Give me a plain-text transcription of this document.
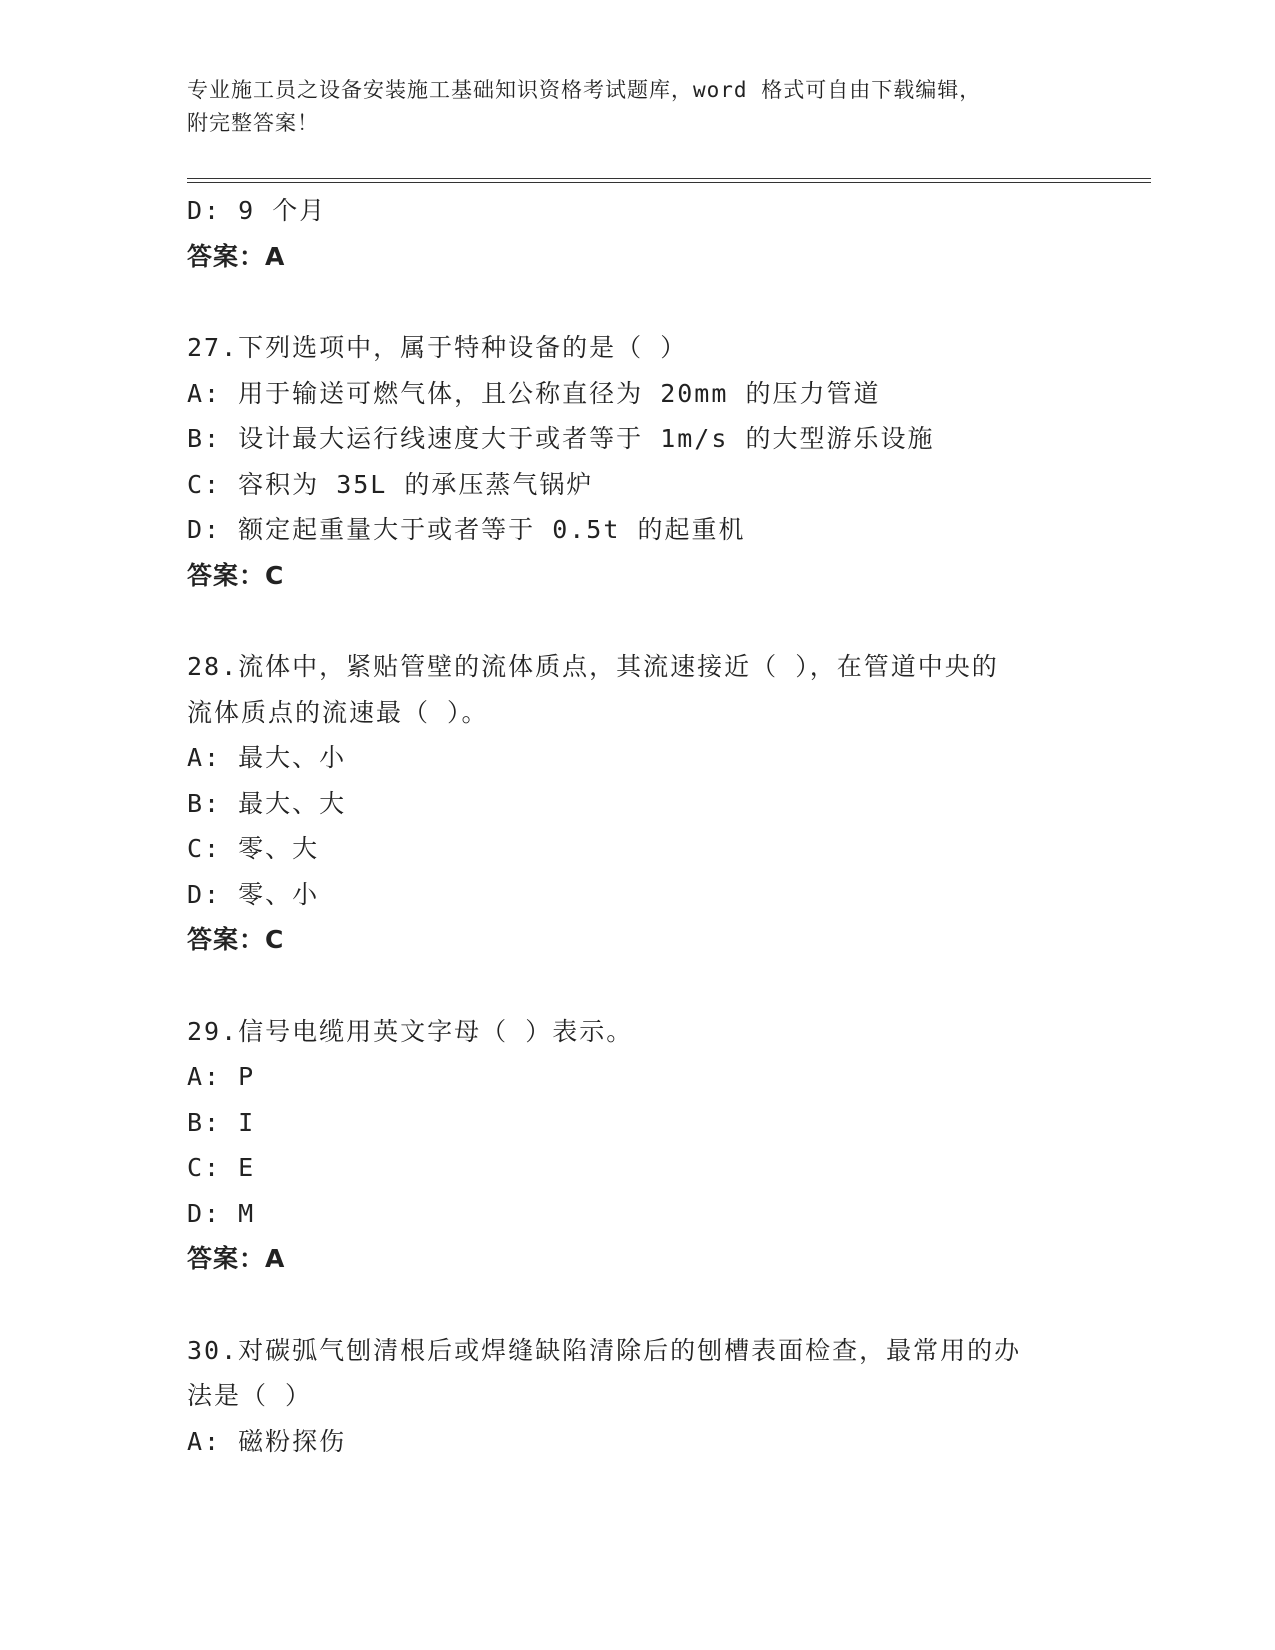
专业施工员之设备安装施工基础知识资格考试题库，word 格式可自由下载编辑，
附完整答案！
D: 9 个月
答案：A
27.下列选项中，属于特种设备的是（ ）
A: 用于输送可燃气体，且公称直径为 20mm 的压力管道
B: 设计最大运行线速度大于或者等于 1m/s 的大型游乐设施
C: 容积为 35L 的承压蒸气锅炉
D: 额定起重量大于或者等于 0.5t 的起重机
答案：C
28.流体中，紧贴管壁的流体质点，其流速接近（ ），在管道中央的
流体质点的流速最（ ）。
A: 最大、小
B: 最大、大
C: 零、大
D: 零、小
答案：C
29.信号电缆用英文字母（ ）表示。
A: P
B: I
C: E
D: M
答案：A
30.对碳弧气刨清根后或焊缝缺陷清除后的刨槽表面检查，最常用的办
法是（ ）
A: 磁粉探伤
